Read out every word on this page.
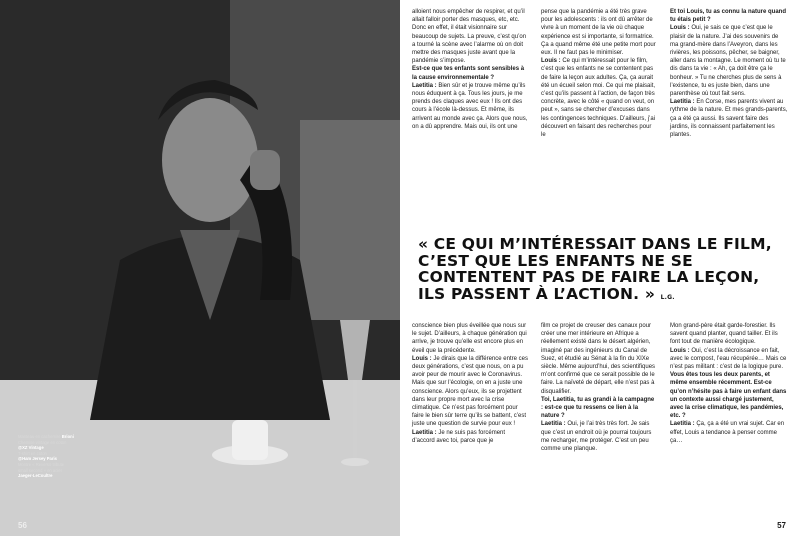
Manteau en cachemire Brioni
Chemise vintage en coton
@XZ Vintage
T-shirt en coton
@Ham Jersey Paris
Montre « Reverso tribute
small second » en acier
Jaeger-LeCoultre
56

alloient nous empêcher de respirer, et qu’il allait falloir porter des masques, etc, etc. Donc en effet, il était visionnaire sur beaucoup de sujets. La preuve, c’est qu’on a tourné la scène avec l’alarme où on doit mettre des masques juste avant que la pandémie s’impose.

Est-ce que tes enfants sont sensibles à la cause environnementale ?

Laetitia : Bien sûr et je trouve même qu’ils nous éduquent à ça. Tous les jours, je me prends des claques avec eux ! Ils ont des cours à l’école là-dessus. Et même, ils arrivent au monde avec ça. Alors que nous, on a dû apprendre. Mais oui, ils ont une

pense que la pandémie a été très grave pour les adolescents : ils ont dû arrêter de vivre à un moment de la vie où chaque expérience est si importante, si formatrice. Ça a quand même été une petite mort pour eux. Il ne faut pas le minimiser.

Louis : Ce qui m’intéressait pour le film, c’est que les enfants ne se contentent pas de faire la leçon aux adultes. Ça, ça aurait été un écueil selon moi. Ce qui me plaisait, c’est qu’ils passent à l’action, de façon très concrète, avec le côté « quand on veut, on peut », sans se chercher d’excuses dans les contingences techniques. D’ailleurs, j’ai découvert en faisant des recherches pour le

Et toi Louis, tu as connu la nature quand tu étais petit ?

Louis : Oui, je sais ce que c’est que le plaisir de la nature. J’ai des souvenirs de ma grand-mère dans l’Aveyron, dans les rivières, les poissons, pêcher, se baigner, aller dans la montagne. Le moment où tu te dis dans ta vie : « Ah, ça doit être ça le bonheur. » Tu ne cherches plus de sens à l’existence, tu es juste bien, dans une parenthèse où tout fait sens.

Laetitia : En Corse, mes parents vivent au rythme de la nature. Et mes grands-parents, ça a été ça aussi. Ils savent faire des jardins, ils connaissent parfaitement les plantes.

« CE QUI M’INTÉRESSAIT DANS LE FILM, C’EST QUE LES ENFANTS NE SE CONTENTENT PAS DE FAIRE LA LEÇON, ILS PASSENT À L’ACTION. » L.G.

conscience bien plus éveillée que nous sur le sujet. D’ailleurs, à chaque génération qui arrive, je trouve qu’elle est encore plus en éveil que la précédente.

Louis : Je dirais que la différence entre ces deux générations, c’est que nous, on a pu avoir peur de mourir avec le Coronavirus. Mais que sur l’écologie, on en a juste une conscience. Alors qu’eux, ils se projettent dans leur propre mort avec la crise climatique. Ce n’est pas forcément pour faire le bien sûr terre qu’ils se battent, c’est juste une question de survie pour eux !

Laetitia : Je ne suis pas forcément d’accord avec toi, parce que je

film ce projet de creuser des canaux pour créer une mer intérieure en Afrique a réellement existé dans le désert algérien, imaginé par des ingénieurs du Canal de Suez, et étudié au Sénat à la fin du XIXe siècle. Même aujourd’hui, des scientifiques m’ont confirmé que ce serait possible de le faire. La naïveté de départ, elle n’est pas à disqualifier.

Toi, Laetitia, tu as grandi à la campagne : est-ce que tu ressens ce lien à la nature ?

Laetitia : Oui, je l’ai très très fort. Je sais que c’est un endroit où je pourrai toujours me recharger, me protéger. C’est un peu comme une planque.

Mon grand-père était garde-forestier. Ils savent quand planter, quand tailler. Et ils font tout de manière écologique.

Louis : Oui, c’est la décroissance en fait, avec le compost, l’eau récupérée… Mais ce n’est pas militant : c’est de la logique pure.

Vous êtes tous les deux parents, et même ensemble récemment. Est-ce qu’on n’hésite pas à faire un enfant dans un contexte aussi chargé justement, avec la crise climatique, les pandémies, etc. ?

Laetitia : Ça, ça a été un vrai sujet. Car en effet, Louis a tendance à penser comme ça…

57
